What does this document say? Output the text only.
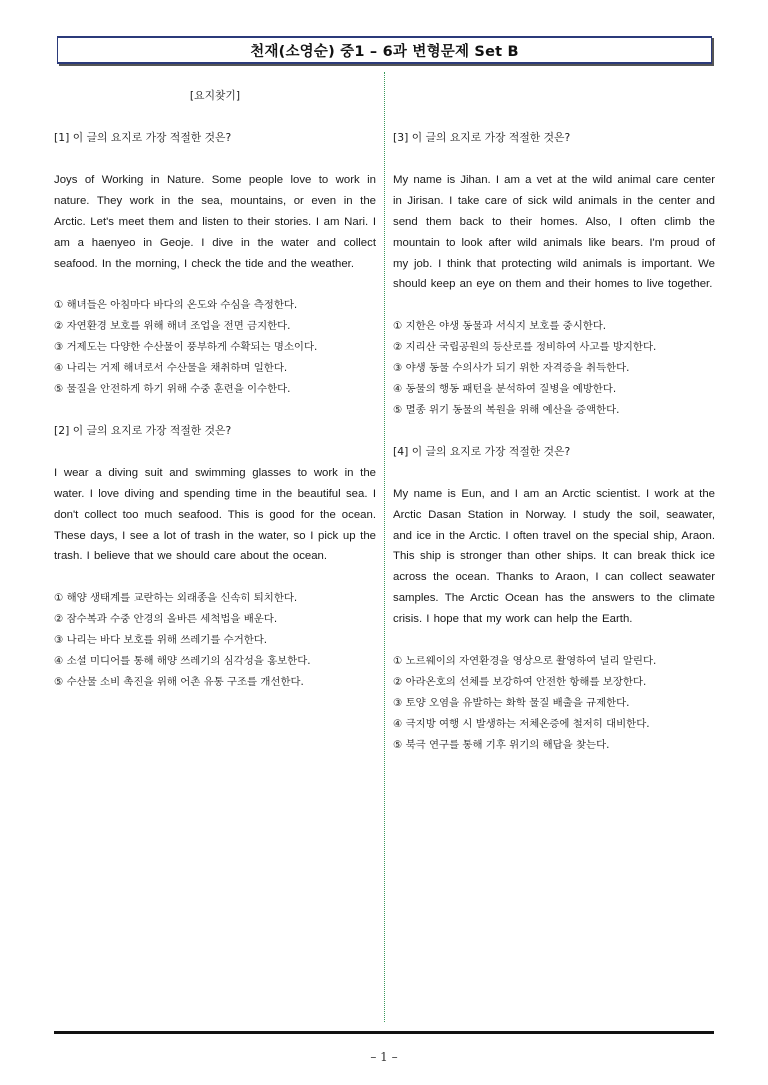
천재(소영순) 중1 – 6과 변형문제 Set B

[요지찾기]

[1] 이 글의 요지로 가장 적절한 것은?

Joys of Working in Nature. Some people love to work in nature. They work in the sea, mountains, or even in the Arctic. Let's meet them and listen to their stories. I am Nari. I am a haenyeo in Geoje. I dive in the water and collect seafood. In the morning, I check the tide and the weather.

① 해녀들은 아침마다 바다의 온도와 수심을 측정한다.
② 자연환경 보호를 위해 해녀 조업을 전면 금지한다.
③ 거제도는 다양한 수산물이 풍부하게 수확되는 명소이다.
④ 나리는 거제 해녀로서 수산물을 채취하며 일한다.
⑤ 물질을 안전하게 하기 위해 수중 훈련을 이수한다.

[2] 이 글의 요지로 가장 적절한 것은?

I wear a diving suit and swimming glasses to work in the water. I love diving and spending time in the beautiful sea. I don't collect too much seafood. This is good for the ocean. These days, I see a lot of trash in the water, so I pick up the trash. I believe that we should care about the ocean.

① 해양 생태계를 교란하는 외래종을 신속히 퇴치한다.
② 잠수복과 수중 안경의 올바른 세척법을 배운다.
③ 나리는 바다 보호를 위해 쓰레기를 수거한다.
④ 소셜 미디어를 통해 해양 쓰레기의 심각성을 홍보한다.
⑤ 수산물 소비 촉진을 위해 어촌 유통 구조를 개선한다.

[3] 이 글의 요지로 가장 적절한 것은?

My name is Jihan. I am a vet at the wild animal care center in Jirisan. I take care of sick wild animals in the center and send them back to their homes. Also, I often climb the mountain to look after wild animals like bears. I'm proud of my job. I think that protecting wild animals is important. We should keep an eye on them and their homes to live together.

① 지한은 야생 동물과 서식지 보호를 중시한다.
② 지리산 국립공원의 등산로를 정비하여 사고를 방지한다.
③ 야생 동물 수의사가 되기 위한 자격증을 취득한다.
④ 동물의 행동 패턴을 분석하여 질병을 예방한다.
⑤ 멸종 위기 동물의 복원을 위해 예산을 증액한다.

[4] 이 글의 요지로 가장 적절한 것은?

My name is Eun, and I am an Arctic scientist. I work at the Arctic Dasan Station in Norway. I study the soil, seawater, and ice in the Arctic. I often travel on the special ship, Araon. This ship is stronger than other ships. It can break thick ice across the ocean. Thanks to Araon, I can collect seawater samples. The Arctic Ocean has the answers to the climate crisis. I hope that my work can help the Earth.

① 노르웨이의 자연환경을 영상으로 촬영하여 널리 알린다.
② 아라온호의 선체를 보강하여 안전한 항해를 보장한다.
③ 토양 오염을 유발하는 화학 물질 배출을 규제한다.
④ 극지방 여행 시 발생하는 저체온증에 철저히 대비한다.
⑤ 북극 연구를 통해 기후 위기의 해답을 찾는다.
– 1 –
